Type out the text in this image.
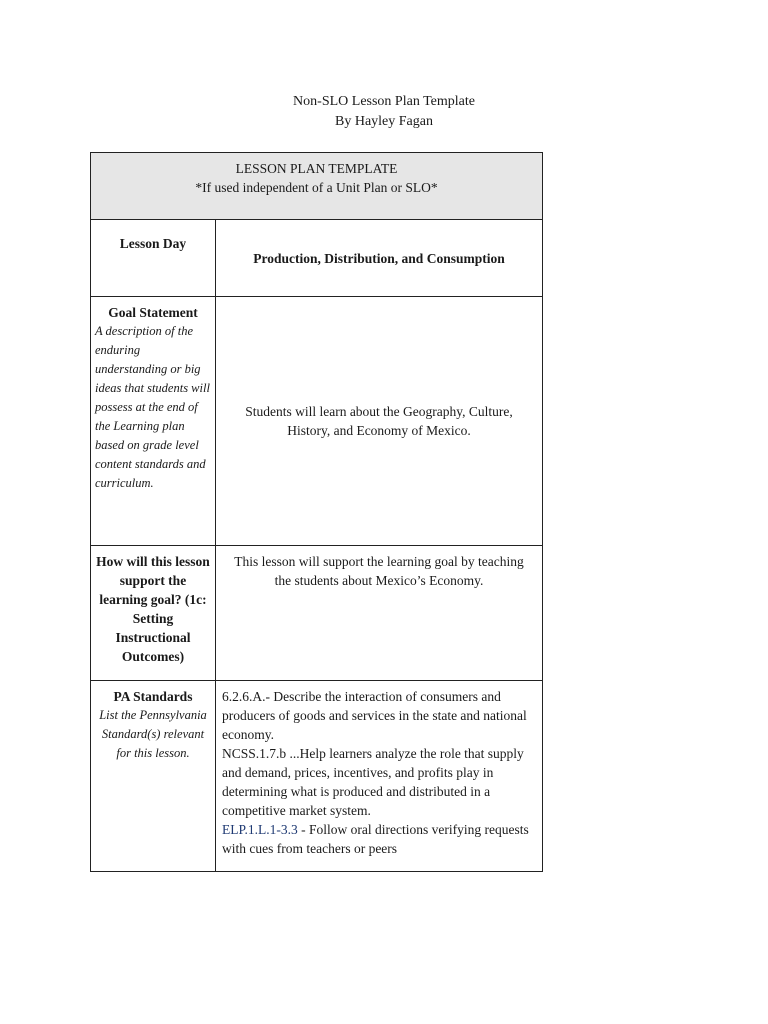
Non-SLO Lesson Plan Template
By Hayley Fagan
LESSON PLAN TEMPLATE
*If used independent of a Unit Plan or SLO*	

Lesson Day	Production, Distribution, and Consumption

Goal Statement
A description of the enduring understanding or big ideas that students will possess at the end of the Learning plan based on grade level content standards and curriculum.	Students will learn about the Geography, Culture, History, and Economy of Mexico.

How will this lesson support the learning goal? (1c: Setting Instructional Outcomes)	This lesson will support the learning goal by teaching the students about Mexico’s Economy.

PA Standards
List the Pennsylvania Standard(s) relevant for this lesson.	6.2.6.A.- Describe the interaction of consumers and producers of goods and services in the state and national economy.
NCSS.1.7.b ...Help learners analyze the role that supply and demand, prices, incentives, and profits play in determining what is produced and distributed in a competitive market system.
ELP.1.L.1-3.3 - Follow oral directions verifying requests with cues from teachers or peers
